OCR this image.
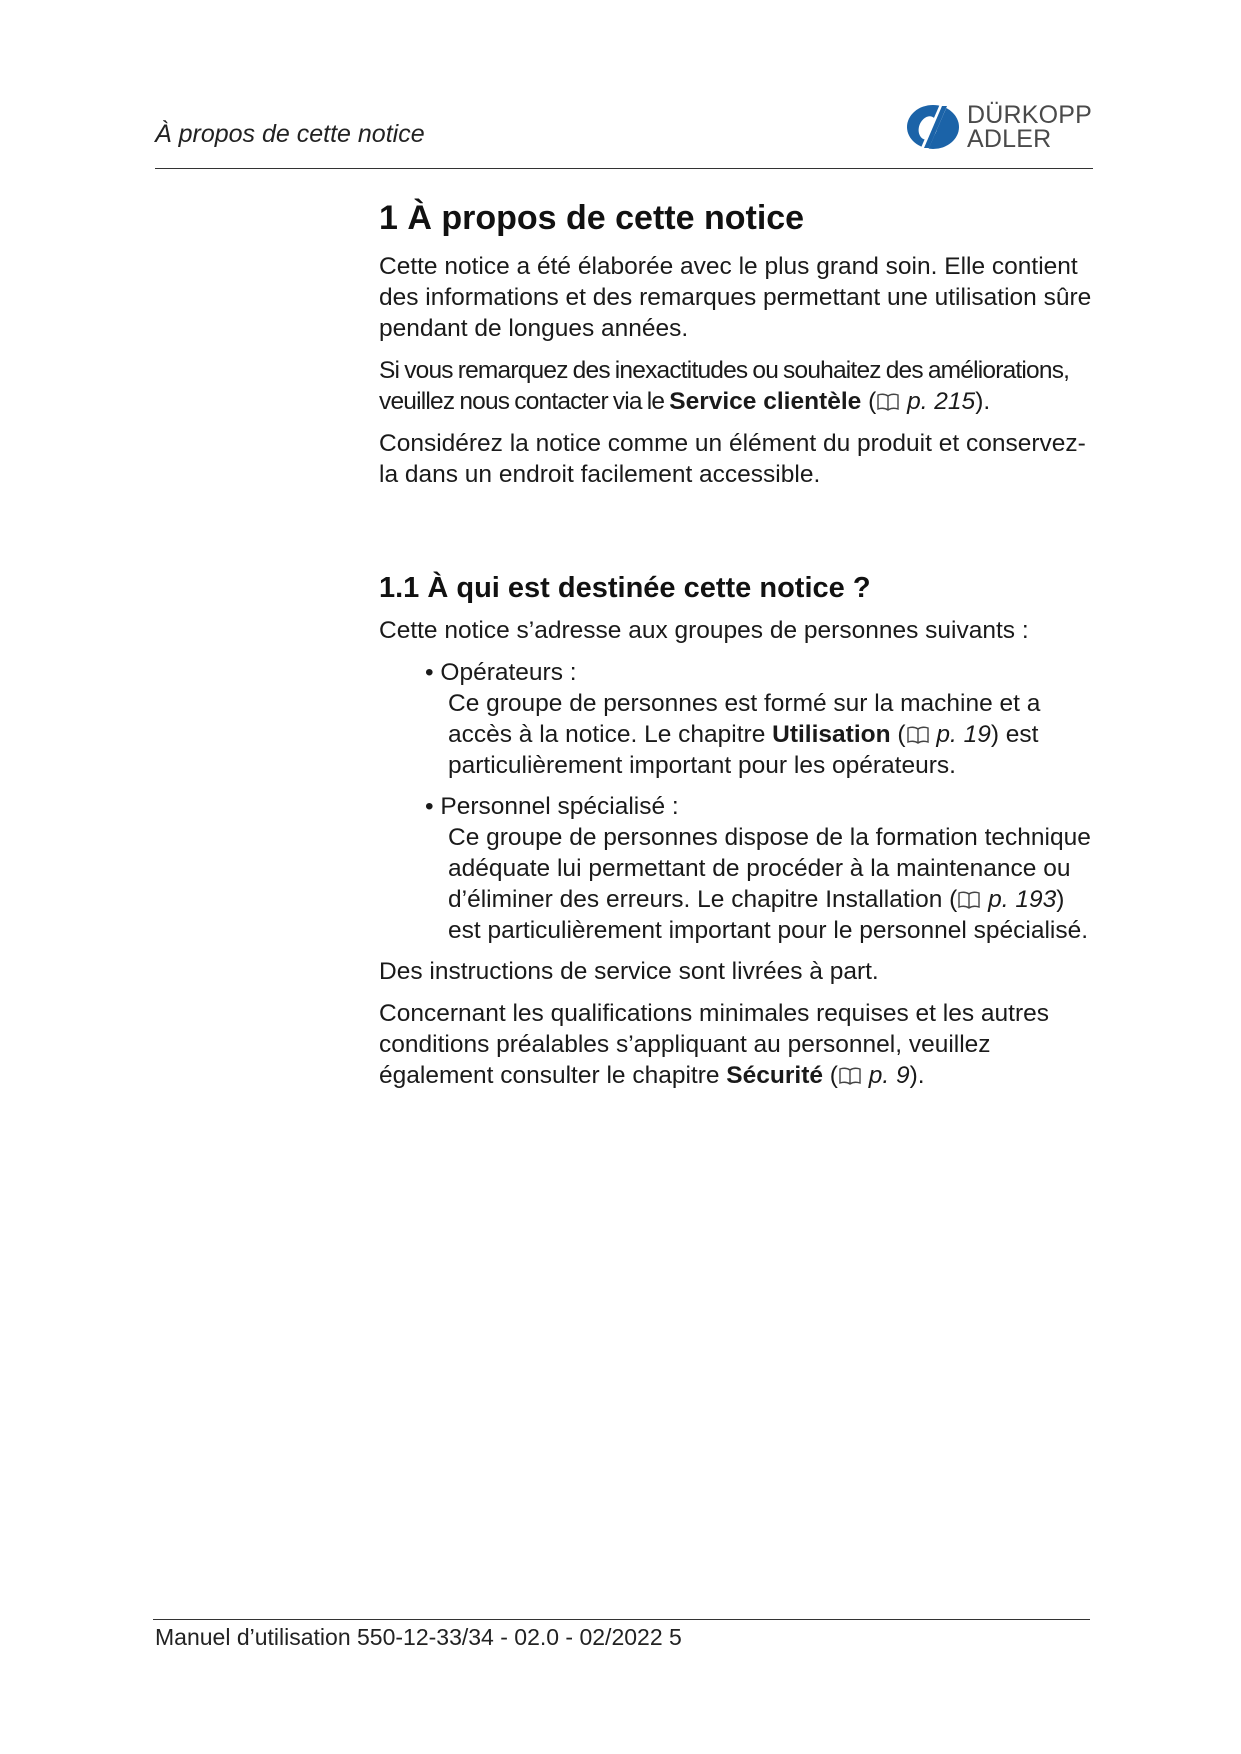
À propos de cette notice
DÜRKOPP
ADLER
1 À propos de cette notice

Cette notice a été élaborée avec le plus grand soin. Elle contient des informations et des remarques permettant une utilisation sûre pendant de longues années.

Si vous remarquez des inexactitudes ou souhaitez des améliorations, veuillez nous contacter via le Service clientèle ( p. 215).

Considérez la notice comme un élément du produit et conservez-la dans un endroit facilement accessible.

1.1 À qui est destinée cette notice ?

Cette notice s’adresse aux groupes de personnes suivants :

• Opérateurs :
Ce groupe de personnes est formé sur la machine et a accès à la notice. Le chapitre Utilisation ( p. 19) est particulièrement important pour les opérateurs.
• Personnel spécialisé :
Ce groupe de personnes dispose de la formation technique adéquate lui permettant de procéder à la maintenance ou d’éliminer des erreurs. Le chapitre Installation ( p. 193) est particulièrement important pour le personnel spécialisé.

Des instructions de service sont livrées à part.

Concernant les qualifications minimales requises et les autres conditions préalables s’appliquant au personnel, veuillez également consulter le chapitre Sécurité ( p. 9).

Manuel d’utilisation 550-12-33/34 - 02.0 - 02/2022 5
